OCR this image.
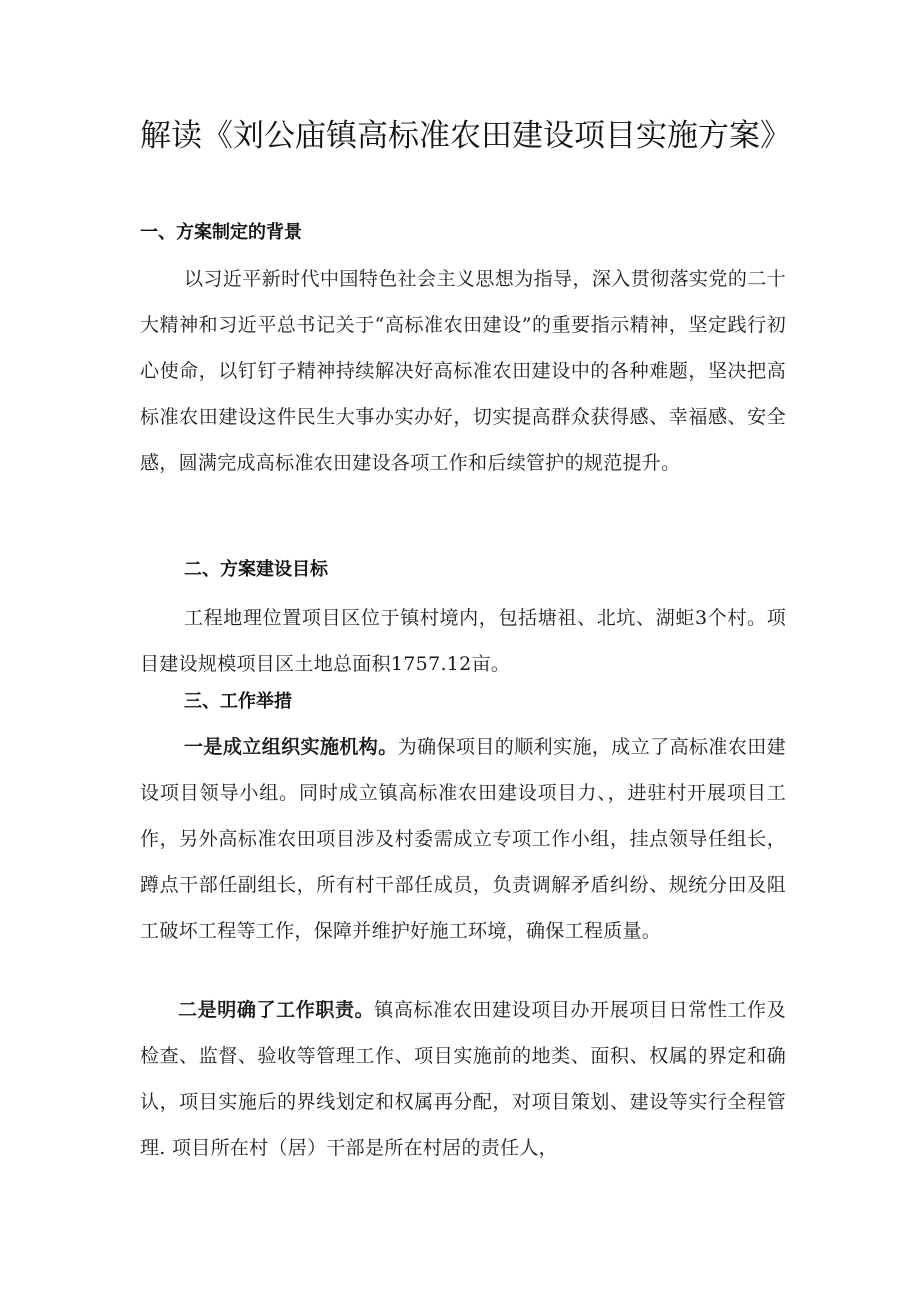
解读《刘公庙镇高标准农田建设项目实施方案》
一、方案制定的背景
以习近平新时代中国特色社会主义思想为指导，深入贯彻落实党的二十大精神和习近平总书记关于“高标准农田建设”的重要指示精神，坚定践行初心使命，以钉钉子精神持续解决好高标准农田建设中的各种难题，坚决把高标准农田建设这件民生大事办实办好，切实提高群众获得感、幸福感、安全感，圆满完成高标准农田建设各项工作和后续管护的规范提升。
二、方案建设目标
工程地理位置项目区位于镇村境内，包括塘祖、北坑、湖蚷3个村。项目建设规模项目区土地总面积1757.12亩。
三、工作举措
一是成立组织实施机构。为确保项目的顺利实施，成立了高标准农田建设项目领导小组。同时成立镇高标准农田建设项目力、，进驻村开展项目工作，另外高标准农田项目涉及村委需成立专项工作小组，挂点领导任组长，蹲点干部任副组长，所有村干部任成员，负责调解矛盾纠纷、规统分田及阻工破坏工程等工作，保障并维护好施工环境，确保工程质量。
二是明确了工作职责。镇高标准农田建设项目办开展项目日常性工作及检查、监督、验收等管理工作、项目实施前的地类、面积、权属的界定和确认，项目实施后的界线划定和权属再分配，对项目策划、建设等实行全程管理. 项目所在村（居）干部是所在村居的责任人，
